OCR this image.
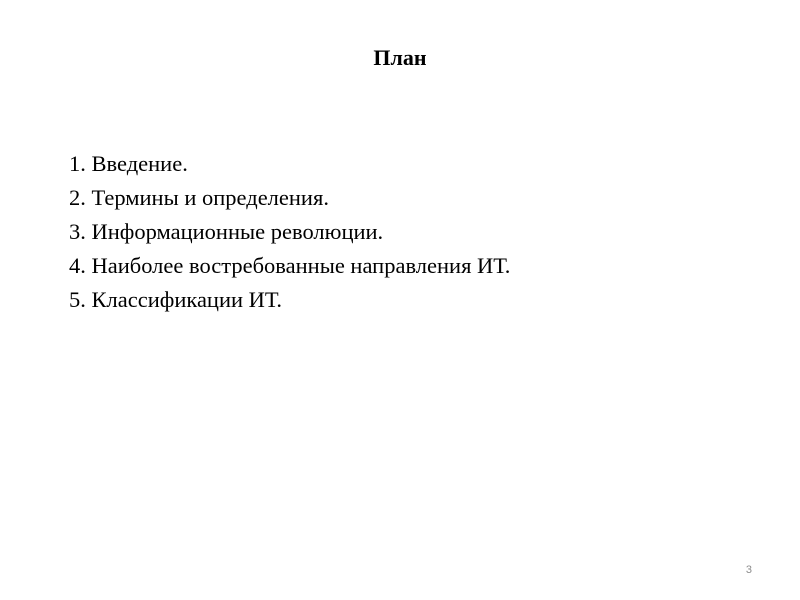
План
1. Введение.
2. Термины и определения.
3. Информационные революции.
4. Наиболее востребованные направления ИТ.
5. Классификации ИТ.
3
